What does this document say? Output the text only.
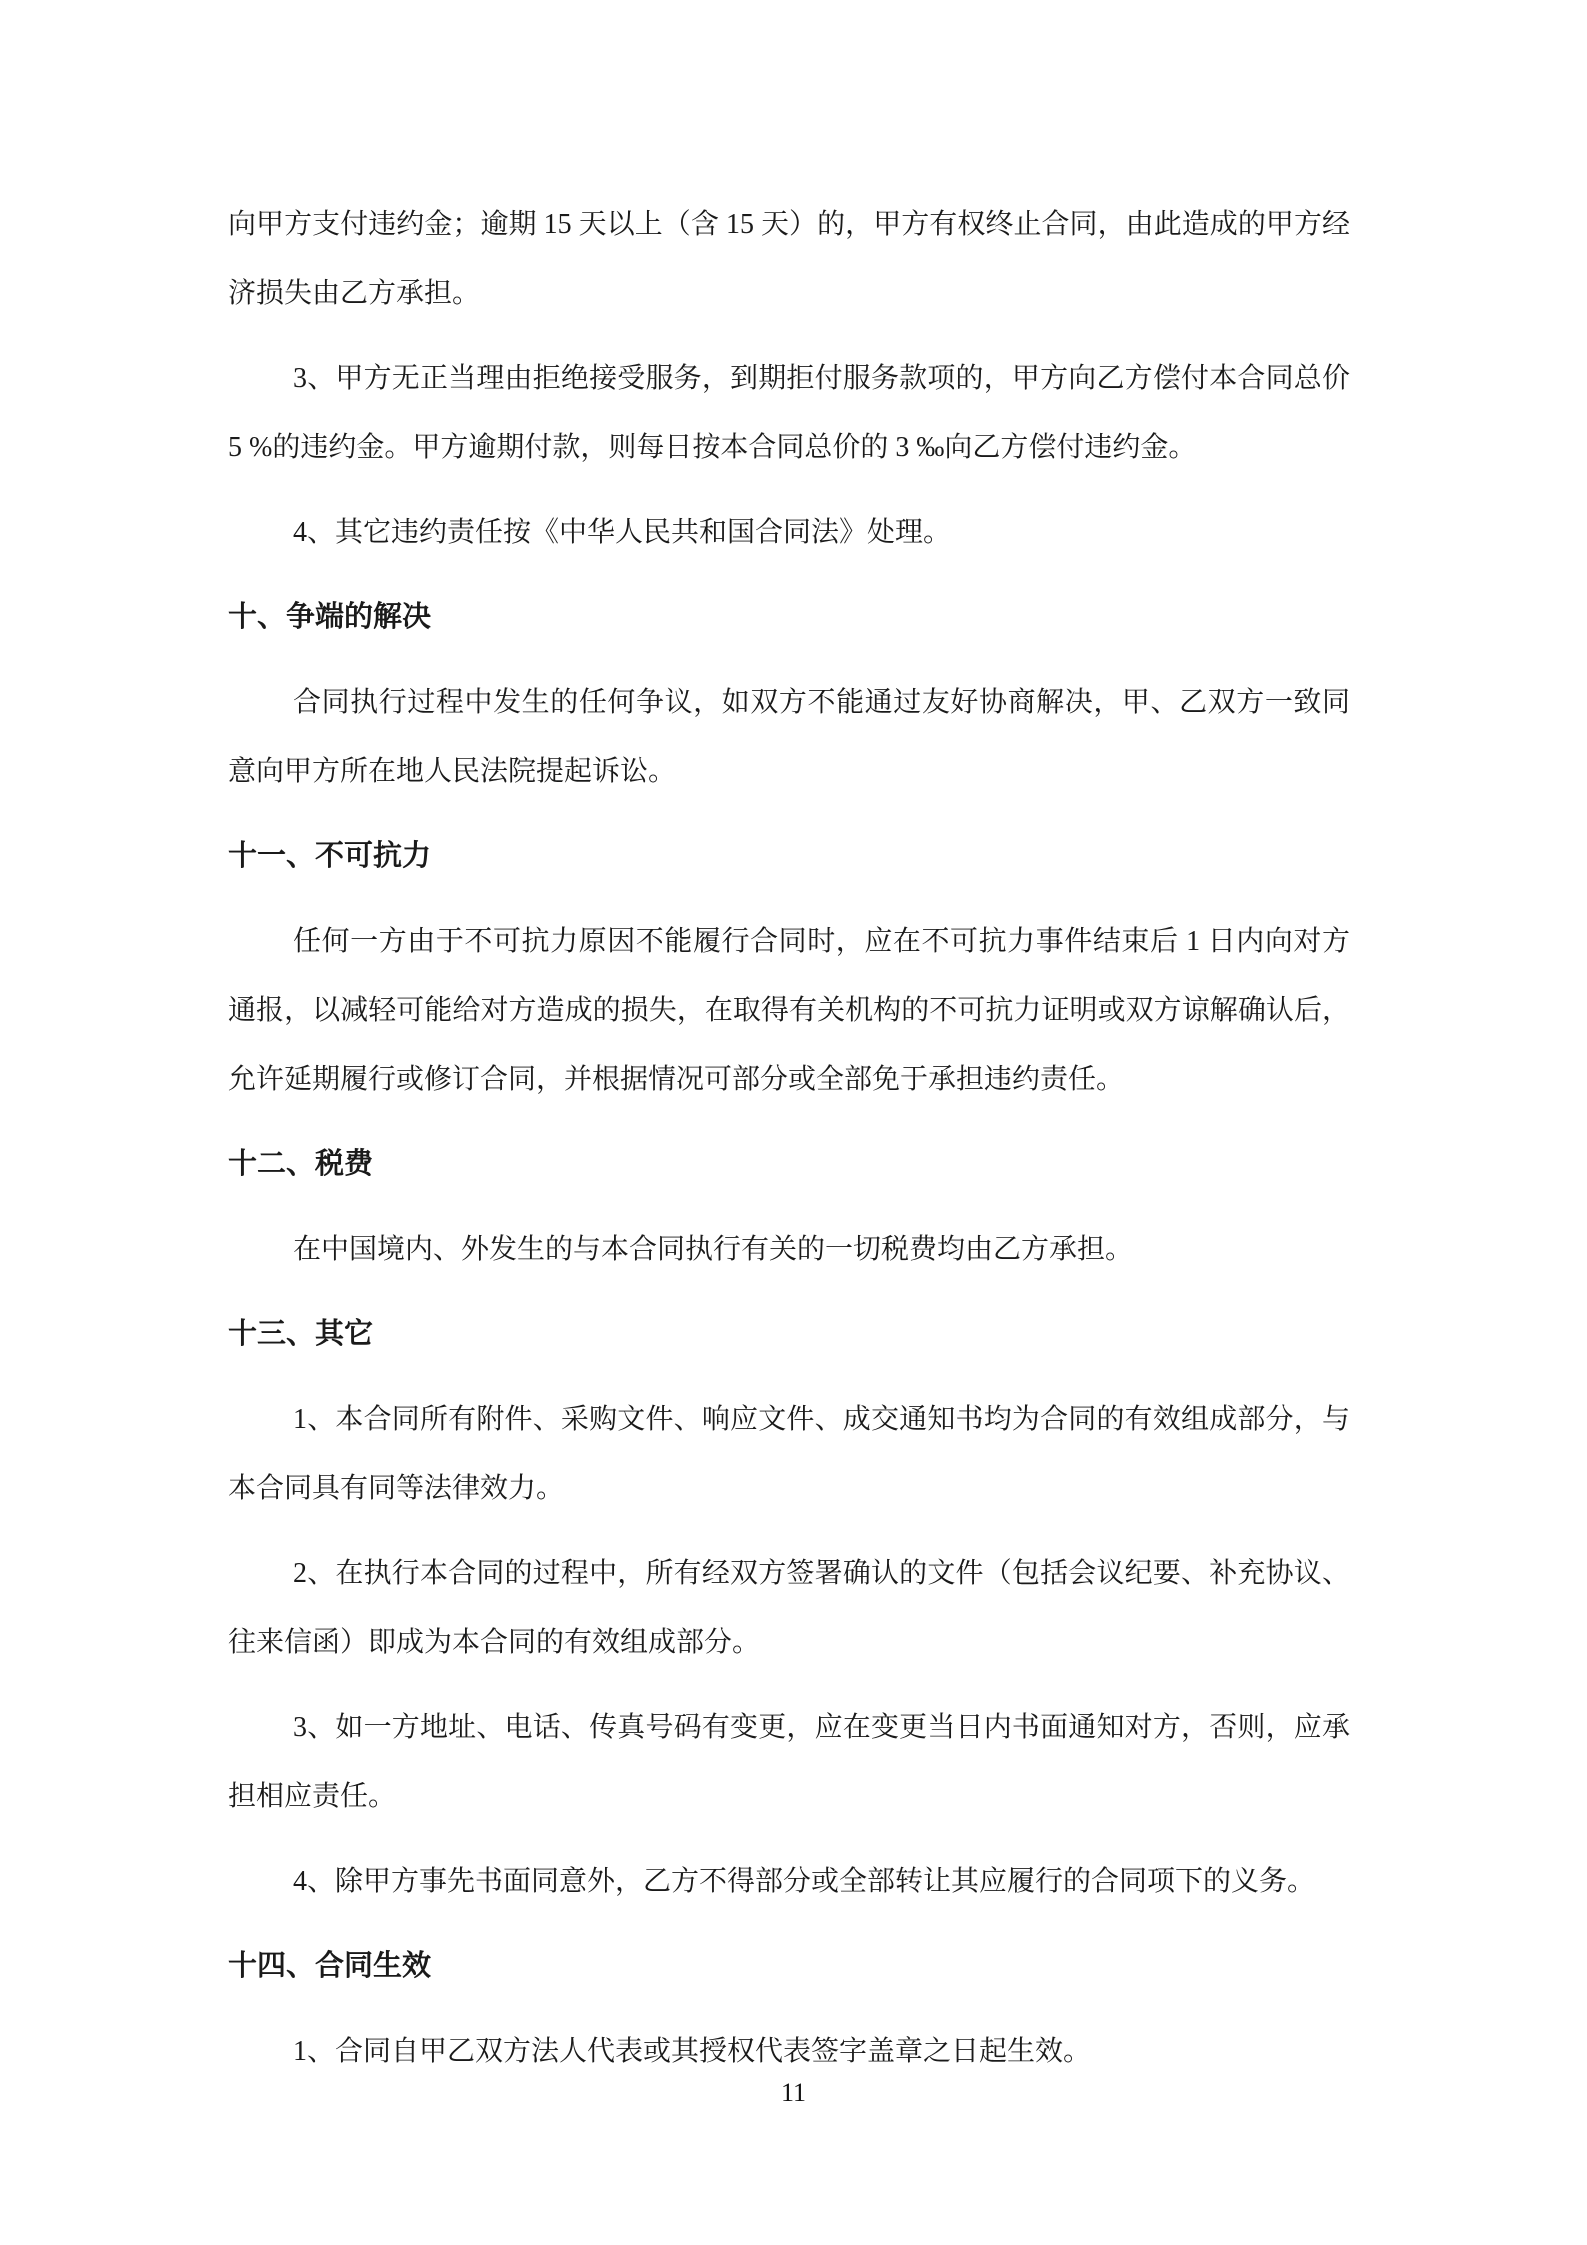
向甲方支付违约金；逾期 15 天以上（含 15 天）的，甲方有权终止合同，由此造成的甲方经济损失由乙方承担。

3、甲方无正当理由拒绝接受服务，到期拒付服务款项的，甲方向乙方偿付本合同总价 5 %的违约金。甲方逾期付款，则每日按本合同总价的 3 ‰向乙方偿付违约金。

4、其它违约责任按《中华人民共和国合同法》处理。

十、争端的解决

合同执行过程中发生的任何争议，如双方不能通过友好协商解决，甲、乙双方一致同意向甲方所在地人民法院提起诉讼。

十一、不可抗力

任何一方由于不可抗力原因不能履行合同时，应在不可抗力事件结束后 1 日内向对方通报，以减轻可能给对方造成的损失，在取得有关机构的不可抗力证明或双方谅解确认后，允许延期履行或修订合同，并根据情况可部分或全部免于承担违约责任。

十二、税费

在中国境内、外发生的与本合同执行有关的一切税费均由乙方承担。

十三、其它

1、本合同所有附件、采购文件、响应文件、成交通知书均为合同的有效组成部分，与本合同具有同等法律效力。

2、在执行本合同的过程中，所有经双方签署确认的文件（包括会议纪要、补充协议、往来信函）即成为本合同的有效组成部分。

3、如一方地址、电话、传真号码有变更，应在变更当日内书面通知对方，否则，应承担相应责任。

4、除甲方事先书面同意外，乙方不得部分或全部转让其应履行的合同项下的义务。

十四、合同生效

1、合同自甲乙双方法人代表或其授权代表签字盖章之日起生效。

11
